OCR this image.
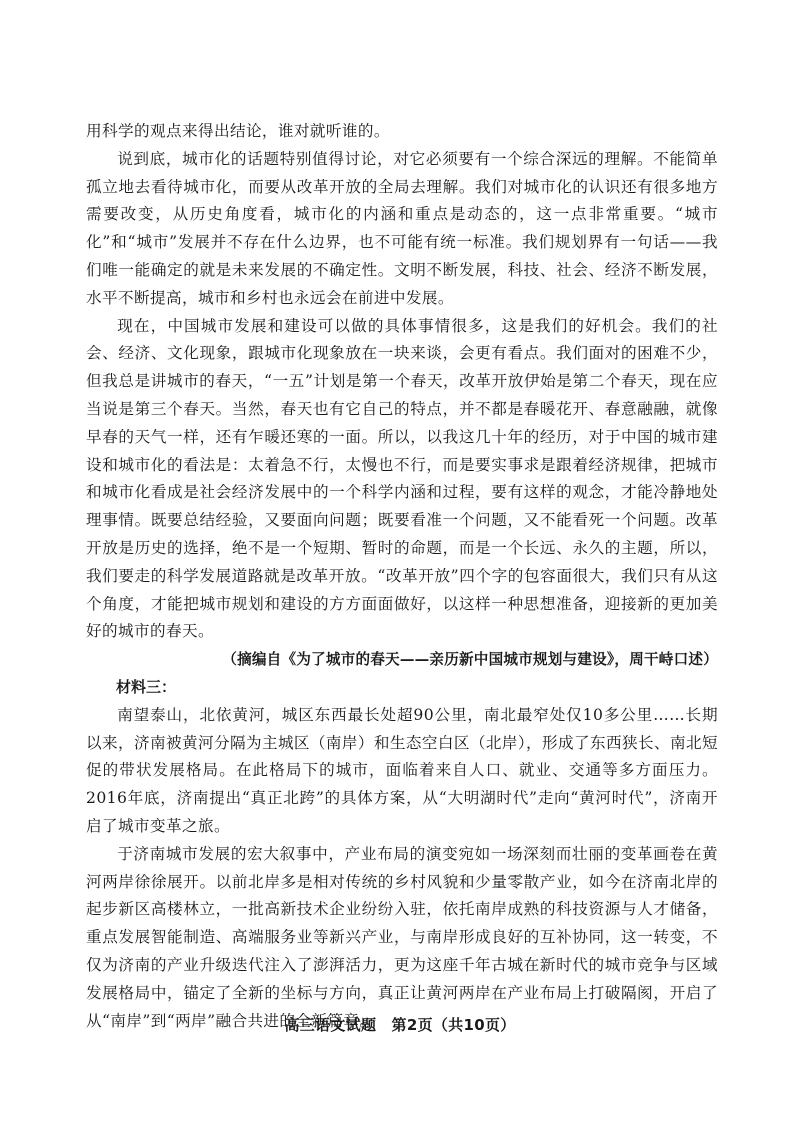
用科学的观点来得出结论，谁对就听谁的。

说到底，城市化的话题特别值得讨论，对它必须要有一个综合深远的理解。不能简单孤立地去看待城市化，而要从改革开放的全局去理解。我们对城市化的认识还有很多地方需要改变，从历史角度看，城市化的内涵和重点是动态的，这一点非常重要。“城市化”和“城市”发展并不存在什么边界，也不可能有统一标准。我们规划界有一句话——我们唯一能确定的就是未来发展的不确定性。文明不断发展，科技、社会、经济不断发展，水平不断提高，城市和乡村也永远会在前进中发展。

现在，中国城市发展和建设可以做的具体事情很多，这是我们的好机会。我们的社会、经济、文化现象，跟城市化现象放在一块来谈，会更有看点。我们面对的困难不少，但我总是讲城市的春天，“一五”计划是第一个春天，改革开放伊始是第二个春天，现在应当说是第三个春天。当然，春天也有它自己的特点，并不都是春暖花开、春意融融，就像早春的天气一样，还有乍暖还寒的一面。所以，以我这几十年的经历，对于中国的城市建设和城市化的看法是：太着急不行，太慢也不行，而是要实事求是跟着经济规律，把城市和城市化看成是社会经济发展中的一个科学内涵和过程，要有这样的观念，才能冷静地处理事情。既要总结经验，又要面向问题；既要看准一个问题，又不能看死一个问题。改革开放是历史的选择，绝不是一个短期、暂时的命题，而是一个长远、永久的主题，所以，我们要走的科学发展道路就是改革开放。“改革开放”四个字的包容面很大，我们只有从这个角度，才能把城市规划和建设的方方面面做好，以这样一种思想准备，迎接新的更加美好的城市的春天。

（摘编自《为了城市的春天——亲历新中国城市规划与建设》，周干峙口述）

材料三：

南望泰山，北依黄河，城区东西最长处超90公里，南北最窄处仅10多公里……长期以来，济南被黄河分隔为主城区（南岸）和生态空白区（北岸），形成了东西狭长、南北短促的带状发展格局。在此格局下的城市，面临着来自人口、就业、交通等多方面压力。2016年底，济南提出“真正北跨”的具体方案，从“大明湖时代”走向“黄河时代”，济南开启了城市变革之旅。

于济南城市发展的宏大叙事中，产业布局的演变宛如一场深刻而壮丽的变革画卷在黄河两岸徐徐展开。以前北岸多是相对传统的乡村风貌和少量零散产业，如今在济南北岸的起步新区高楼林立，一批高新技术企业纷纷入驻，依托南岸成熟的科技资源与人才储备，重点发展智能制造、高端服务业等新兴产业，与南岸形成良好的互补协同，这一转变，不仅为济南的产业升级迭代注入了澎湃活力，更为这座千年古城在新时代的城市竞争与区域发展格局中，锚定了全新的坐标与方向，真正让黄河两岸在产业布局上打破隔阂，开启了从“南岸”到“两岸”融合共进的全新篇章。

高三语文试题　第2页（共10页）
